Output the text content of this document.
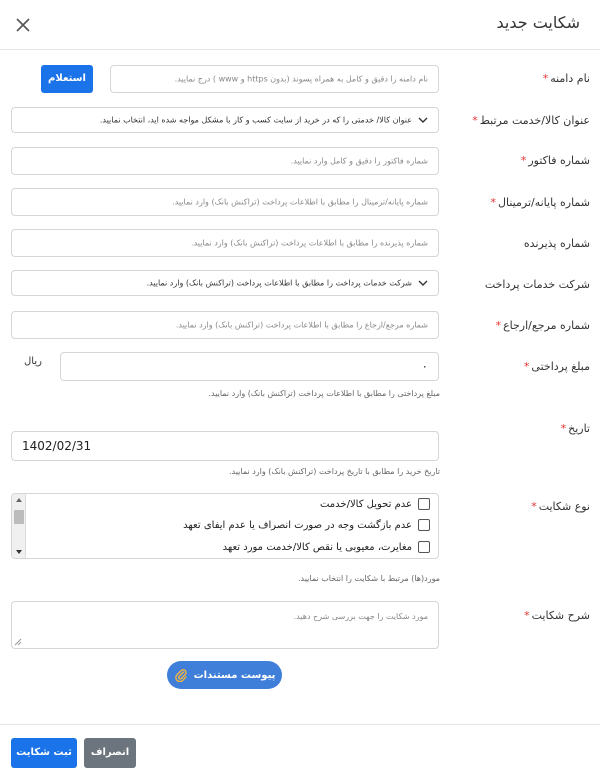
شکایت جدید
نام دامنه*
نام دامنه را دقیق و کامل به همراه پسوند (بدون https و www ) درج نمایید.
استعلام
عنوان کالا/خدمت مرتبط*
عنوان کالا/ خدمتی را که در خرید از سایت کسب و کار با مشکل مواجه شده اید، انتخاب نمایید.
شماره فاکتور*
شماره فاکتور را دقیق و کامل وارد نمایید.
شماره پایانه/ترمینال*
شماره پایانه/ترمینال را مطابق با اطلاعات پرداخت (تراکنش بانک) وارد نمایید.
شماره پذیرنده
شماره پذیرنده را مطابق با اطلاعات پرداخت (تراکنش بانک) وارد نمایید.
شرکت خدمات پرداخت
شرکت خدمات پرداخت را مطابق با اطلاعات پرداخت (تراکنش بانک) وارد نمایید.
شماره مرجع/ارجاع*
شماره مرجع/ارجاع را مطابق با اطلاعات پرداخت (تراکنش بانک) وارد نمایید.
مبلغ پرداختی*
۰
ریال
مبلغ پرداختی را مطابق با اطلاعات پرداخت (تراکنش بانک) وارد نمایید.
تاریخ*
1402/02/31
تاریخ خرید را مطابق با تاریخ پرداخت (تراکنش بانک) وارد نمایید.
نوع شکایت*
عدم تحویل کالا/خدمت
عدم بازگشت وجه در صورت انصراف یا عدم ایفای تعهد
مغایرت، معیوبی یا نقص کالا/خدمت مورد تعهد
مورد(ها) مرتبط با شکایت را انتخاب نمایید.
شرح شکایت*
مورد شکایت را جهت بررسی شرح دهید.
پیوست مستندات
انصراف
ثبت شکایت
